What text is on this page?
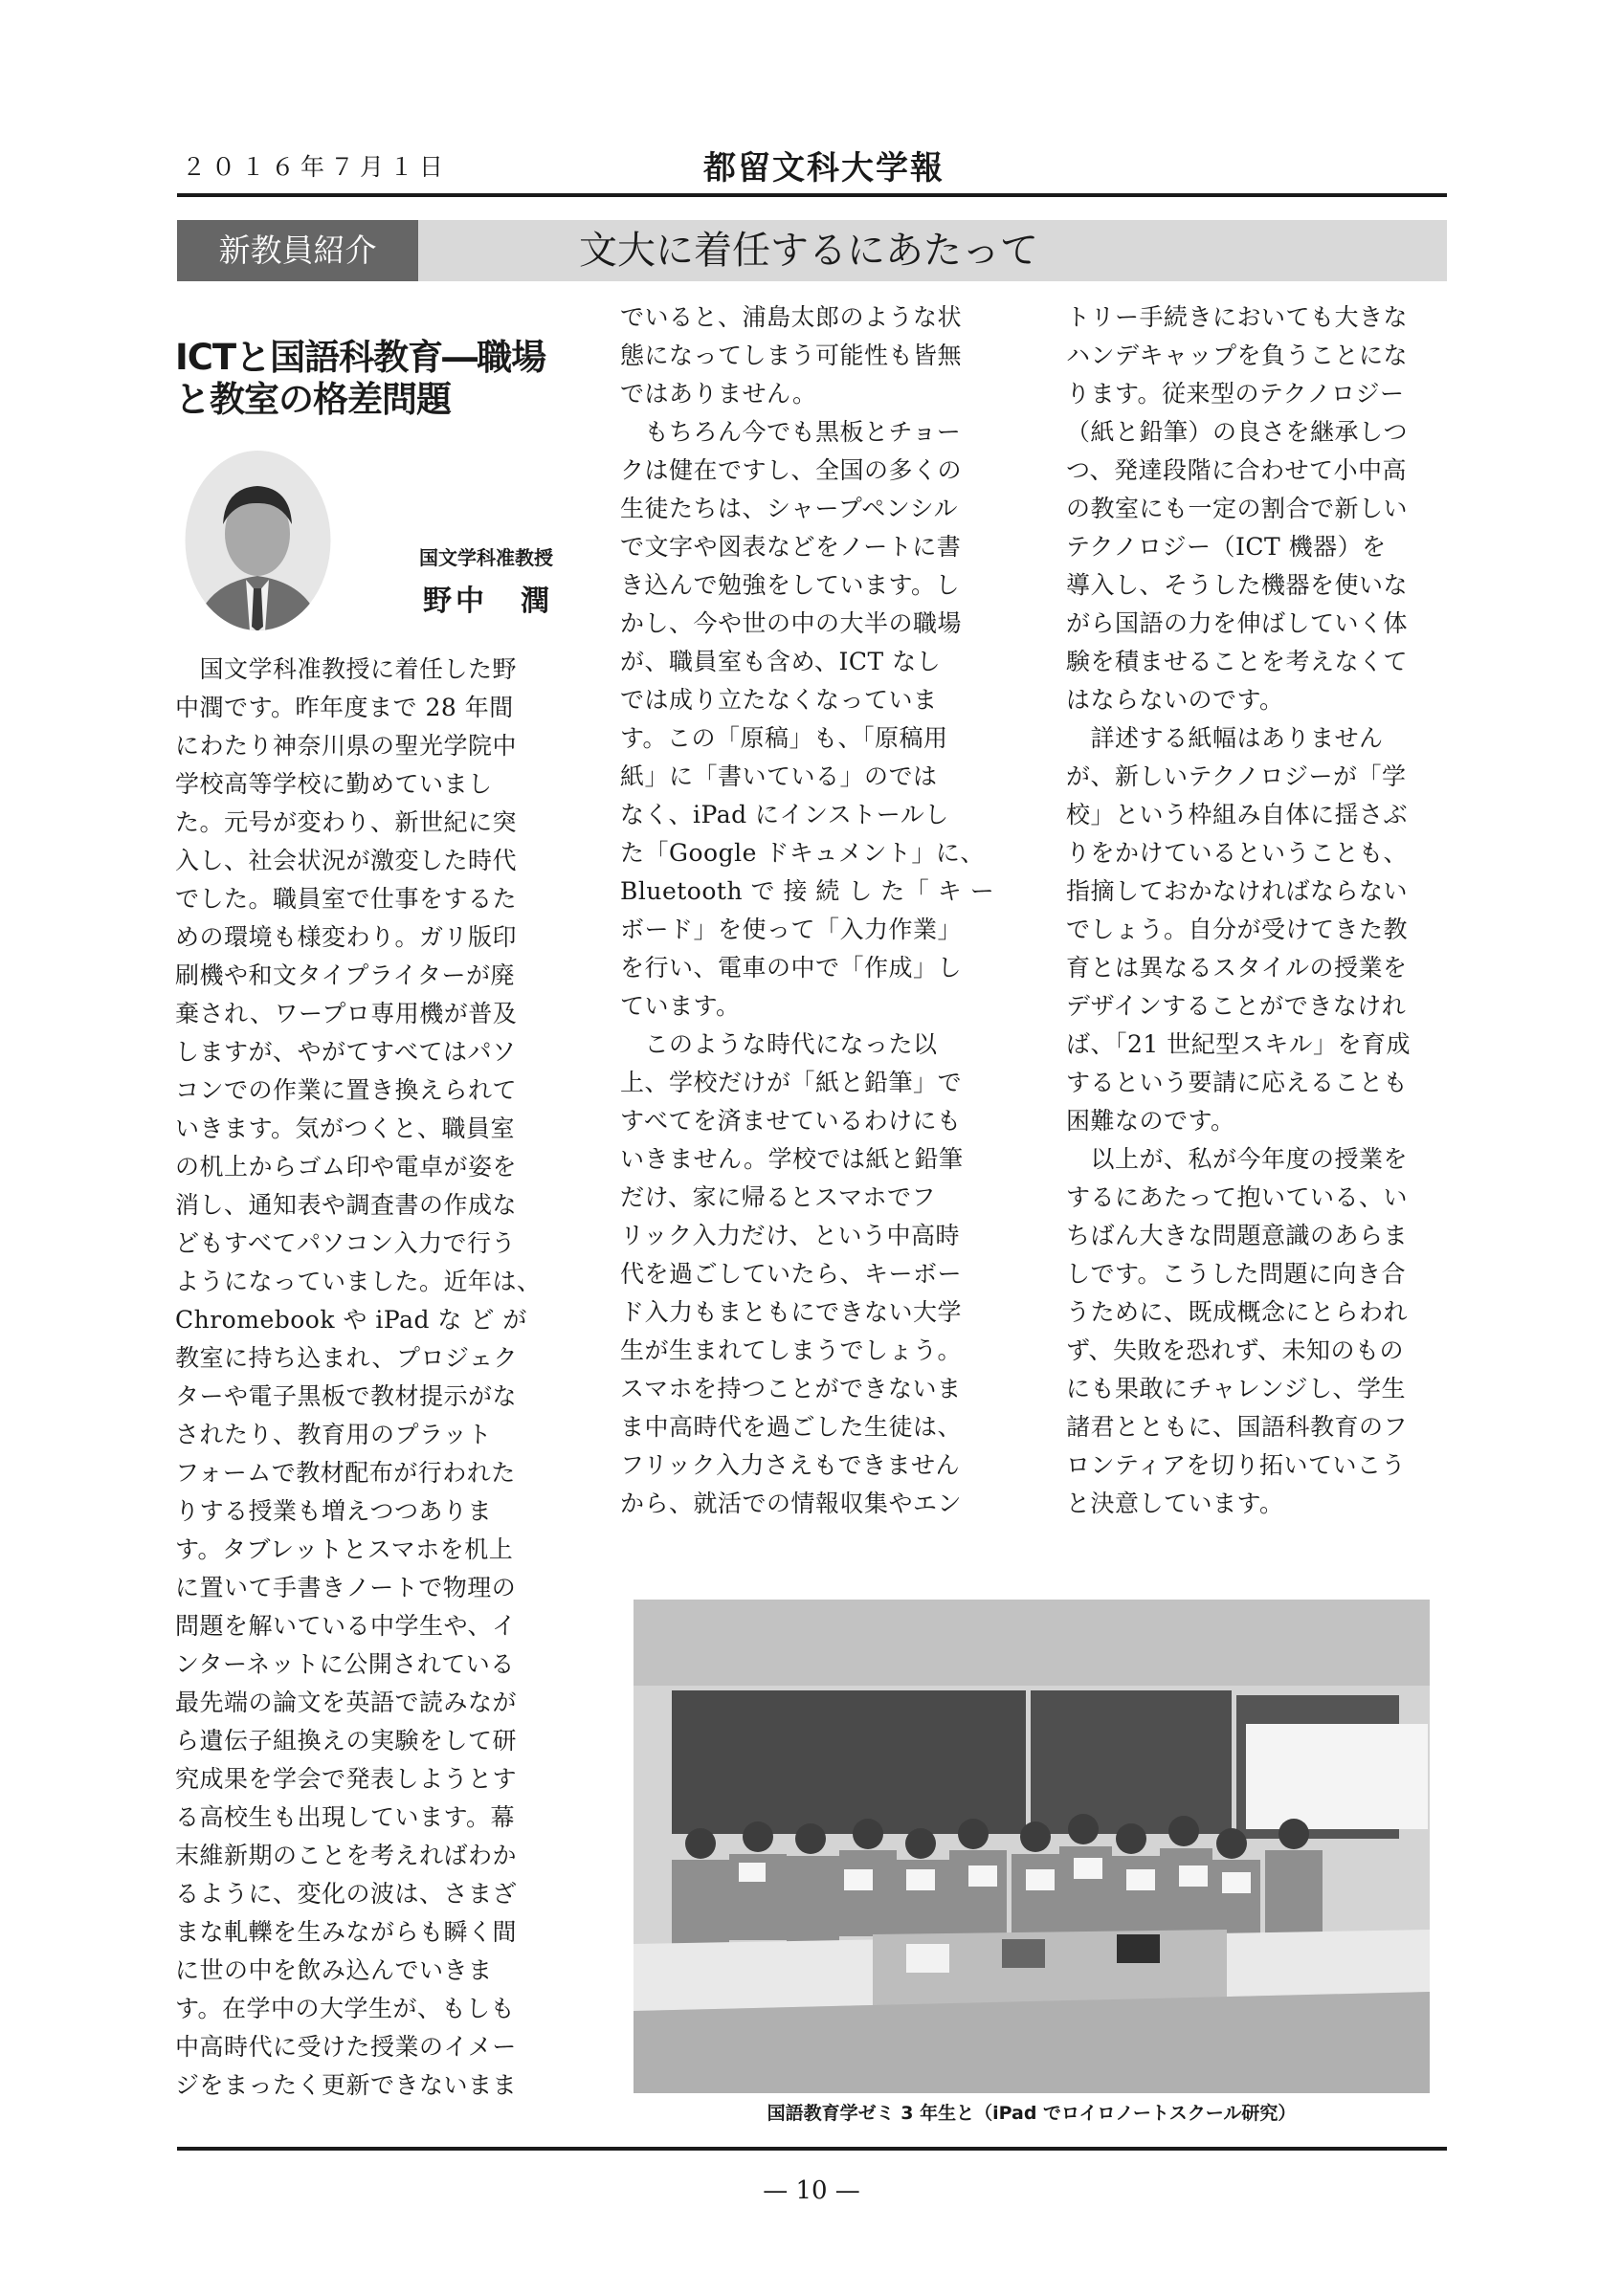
２０１６年７月１日	都留文科大学報
新教員紹介	文大に着任するにあたって
ICTと国語科教育―職場と教室の格差問題
国文学科准教授
野中　潤

　国文学科准教授に着任した野
中潤です。昨年度まで 28 年間
にわたり神奈川県の聖光学院中
学校高等学校に勤めていまし
た。元号が変わり、新世紀に突
入し、社会状況が激変した時代
でした。職員室で仕事をするた
めの環境も様変わり。ガリ版印
刷機や和文タイプライターが廃
棄され、ワープロ専用機が普及
しますが、やがてすべてはパソ
コンでの作業に置き換えられて
いきます。気がつくと、職員室
の机上からゴム印や電卓が姿を
消し、通知表や調査書の作成な
どもすべてパソコン入力で行う
ようになっていました。近年は、
Chromebook や iPad な ど が
教室に持ち込まれ、プロジェク
ターや電子黒板で教材提示がな
されたり、教育用のプラット
フォームで教材配布が行われた
りする授業も増えつつありま
す。タブレットとスマホを机上
に置いて手書きノートで物理の
問題を解いている中学生や、イ
ンターネットに公開されている
最先端の論文を英語で読みなが
ら遺伝子組換えの実験をして研
究成果を学会で発表しようとす
る高校生も出現しています。幕
末維新期のことを考えればわか
るように、変化の波は、さまざ
まな軋轢を生みながらも瞬く間
に世の中を飲み込んでいきま
す。在学中の大学生が、もしも
中高時代に受けた授業のイメー
ジをまったく更新できないまま

でいると、浦島太郎のような状
態になってしまう可能性も皆無
ではありません。

　もちろん今でも黒板とチョー
クは健在ですし、全国の多くの
生徒たちは、シャープペンシル
で文字や図表などをノートに書
き込んで勉強をしています。し
かし、今や世の中の大半の職場
が、職員室も含め、ICT なし
では成り立たなくなっていま
す。この「原稿」も、「原稿用
紙」に「書いている」のでは
なく、iPad にインストールし
た「Google ドキュメント」に、
Bluetooth で 接 続 し た「 キ ー
ボード」を使って「入力作業」
を行い、電車の中で「作成」し
ています。

　このような時代になった以
上、学校だけが「紙と鉛筆」で
すべてを済ませているわけにも
いきません。学校では紙と鉛筆
だけ、家に帰るとスマホでフ
リック入力だけ、という中高時
代を過ごしていたら、キーボー
ド入力もまともにできない大学
生が生まれてしまうでしょう。
スマホを持つことができないま
ま中高時代を過ごした生徒は、
フリック入力さえもできません
から、就活での情報収集やエン

トリー手続きにおいても大きな
ハンデキャップを負うことにな
ります。従来型のテクノロジー
（紙と鉛筆）の良さを継承しつ
つ、発達段階に合わせて小中高
の教室にも一定の割合で新しい
テクノロジー（ICT 機器）を
導入し、そうした機器を使いな
がら国語の力を伸ばしていく体
験を積ませることを考えなくて
はならないのです。

　詳述する紙幅はありません
が、新しいテクノロジーが「学
校」という枠組み自体に揺さぶ
りをかけているということも、
指摘しておかなければならない
でしょう。自分が受けてきた教
育とは異なるスタイルの授業を
デザインすることができなけれ
ば、「21 世紀型スキル」を育成
するという要請に応えることも
困難なのです。

　以上が、私が今年度の授業を
するにあたって抱いている、い
ちばん大きな問題意識のあらま
しです。こうした問題に向き合
うために、既成概念にとらわれ
ず、失敗を恐れず、未知のもの
にも果敢にチャレンジし、学生
諸君とともに、国語科教育のフ
ロンティアを切り拓いていこう
と決意しています。

国語教育学ゼミ 3 年生と（iPad でロイロノートスクール研究）
— 10 —
